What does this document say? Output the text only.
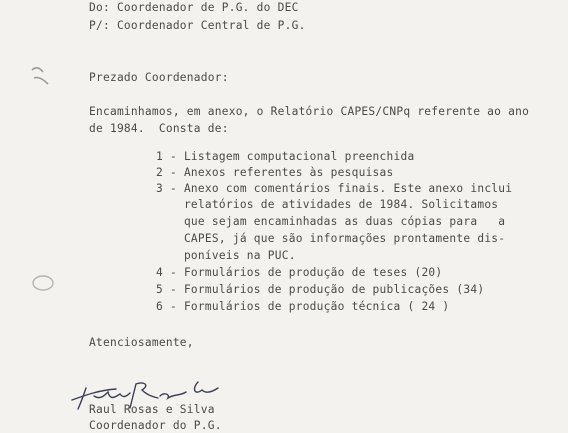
Do: Coordenador de P.G. do DEC
P/: Coordenador Central de P.G.
Prezado Coordenador:
Encaminhamos, em anexo, o Relatório CAPES/CNPq referente ao ano
de 1984.  Consta de:
1 - Listagem computacional preenchida
2 - Anexos referentes às pesquisas
3 - Anexo com comentários finais. Este anexo inclui
relatórios de atividades de 1984. Solicitamos
que sejam encaminhadas as duas cópias para   a
CAPES, já que são informações prontamente dis-
poníveis na PUC.
4 - Formulários de produção de teses (20)
5 - Formulários de produção de publicações (34)
6 - Formulários de produção técnica ( 24 )
Atenciosamente,
Raul Rosas e Silva
Coordenador do P.G.
